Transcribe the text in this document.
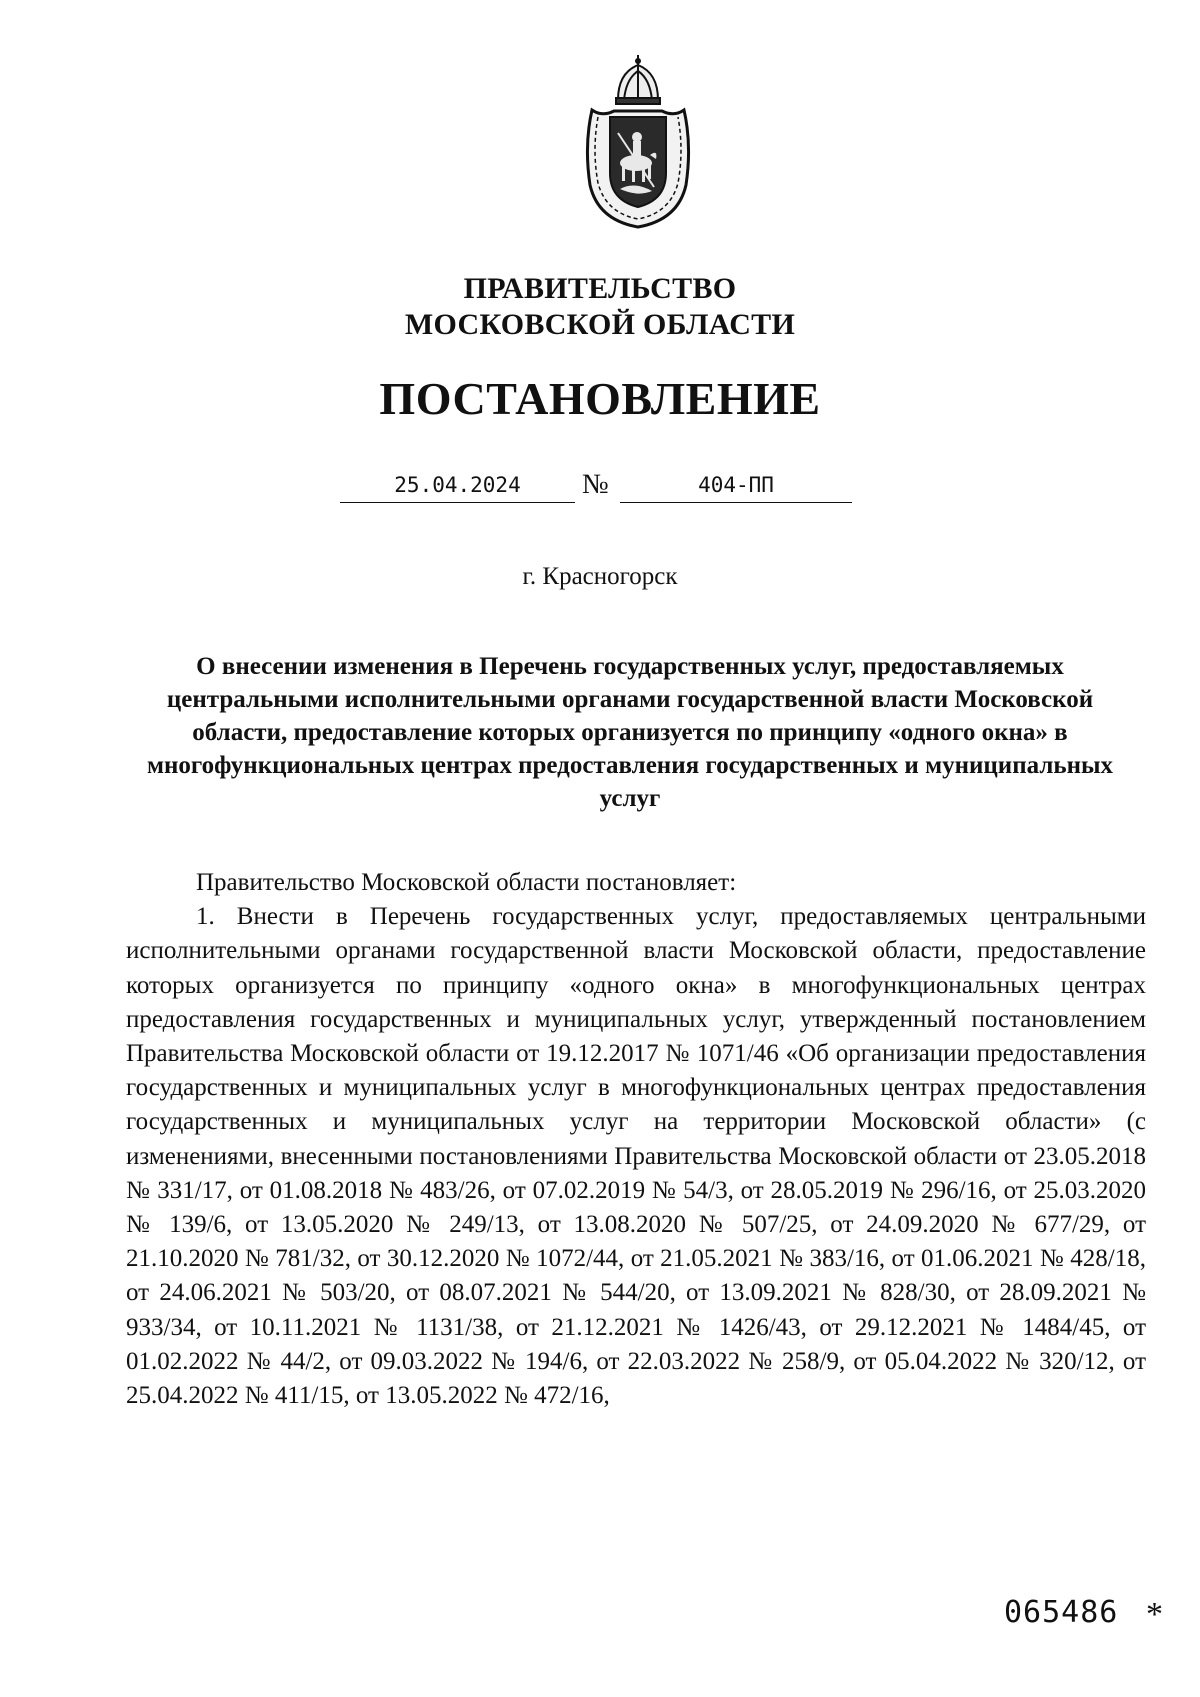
ПРАВИТЕЛЬСТВО
МОСКОВСКОЙ ОБЛАСТИ
ПОСТАНОВЛЕНИЕ
25.04.2024	№	404-ПП
г. Красногорск
О внесении изменения в Перечень государственных услуг, предоставляемых центральными исполнительными органами государственной власти Московской области, предоставление которых организуется по принципу «одного окна» в многофункциональных центрах предоставления государственных и муниципальных услуг

Правительство Московской области постановляет:

1. Внести в Перечень государственных услуг, предоставляемых центральными исполнительными органами государственной власти Московской области, предоставление которых организуется по принципу «одного окна» в многофункциональных центрах предоставления государственных и муниципальных услуг, утвержденный постановлением Правительства Московской области от 19.12.2017 № 1071/46 «Об организации предоставления государственных и муниципальных услуг в многофункциональных центрах предоставления государственных и муниципальных услуг на территории Московской области» (с изменениями, внесенными постановлениями Правительства Московской области от 23.05.2018 № 331/17, от 01.08.2018 № 483/26, от 07.02.2019 № 54/3, от 28.05.2019 № 296/16, от 25.03.2020 № 139/6, от 13.05.2020 № 249/13, от 13.08.2020 № 507/25, от 24.09.2020 № 677/29, от 21.10.2020 № 781/32, от 30.12.2020 № 1072/44, от 21.05.2021 № 383/16, от 01.06.2021 № 428/18, от 24.06.2021 № 503/20, от 08.07.2021 № 544/20, от 13.09.2021 № 828/30, от 28.09.2021 № 933/34, от 10.11.2021 № 1131/38, от 21.12.2021 № 1426/43, от 29.12.2021 № 1484/45, от 01.02.2022 № 44/2, от 09.03.2022 № 194/6, от 22.03.2022 № 258/9, от 05.04.2022 № 320/12, от 25.04.2022 № 411/15, от 13.05.2022 № 472/16,

065486 *
